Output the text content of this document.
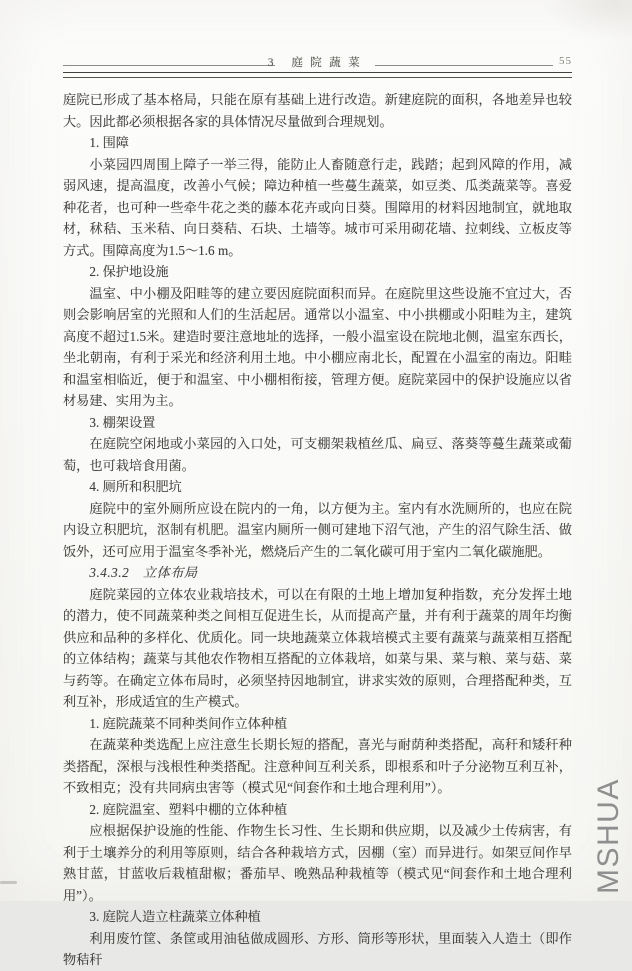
3 庭院蔬菜	55

庭院已形成了基本格局，只能在原有基础上进行改造。新建庭院的面积，各地差异也较大。因此都必须根据各家的具体情况尽量做到合理规划。

1. 围障

小菜园四周围上障子一举三得，能防止人畜随意行走，践踏；起到风障的作用，减弱风速，提高温度，改善小气候；障边种植一些蔓生蔬菜，如豆类、瓜类蔬菜等。喜爱种花者，也可种一些牵牛花之类的藤本花卉或向日葵。围障用的材料因地制宜，就地取材，秫秸、玉米秸、向日葵秸、石块、土墙等。城市可采用砌花墙、拉刺线、立板皮等方式。围障高度为1.5～1.6 m。

2. 保护地设施

温室、中小棚及阳畦等的建立要因庭院面积而异。在庭院里这些设施不宜过大，否则会影响居室的光照和人们的生活起居。通常以小温室、中小拱棚或小阳畦为主，建筑高度不超过1.5米。建造时要注意地址的选择，一般小温室设在院地北侧，温室东西长，坐北朝南，有利于采光和经济利用土地。中小棚应南北长，配置在小温室的南边。阳畦和温室相临近，便于和温室、中小棚相衔接，管理方便。庭院菜园中的保护设施应以省材易建、实用为主。

3. 棚架设置

在庭院空闲地或小菜园的入口处，可支棚架栽植丝瓜、扁豆、落葵等蔓生蔬菜或葡萄，也可栽培食用菌。

4. 厕所和积肥坑

庭院中的室外厕所应设在院内的一角，以方便为主。室内有水洗厕所的，也应在院内设立积肥坑，沤制有机肥。温室内厕所一侧可建地下沼气池，产生的沼气除生活、做饭外，还可应用于温室冬季补光，燃烧后产生的二氧化碳可用于室内二氧化碳施肥。

3.4.3.2　立体布局

庭院菜园的立体农业栽培技术，可以在有限的土地上增加复种指数，充分发挥土地的潜力，使不同蔬菜种类之间相互促进生长，从而提高产量，并有利于蔬菜的周年均衡供应和品种的多样化、优质化。同一块地蔬菜立体栽培模式主要有蔬菜与蔬菜相互搭配的立体结构；蔬菜与其他农作物相互搭配的立体栽培，如菜与果、菜与粮、菜与菇、菜与药等。在确定立体布局时，必须坚持因地制宜，讲求实效的原则，合理搭配种类，互利互补，形成适宜的生产模式。

1. 庭院蔬菜不同种类间作立体种植

在蔬菜种类选配上应注意生长期长短的搭配，喜光与耐荫种类搭配，高秆和矮秆种类搭配，深根与浅根性种类搭配。注意种间互利关系，即根系和叶子分泌物互利互补，不致相克；没有共同病虫害等（模式见“间套作和土地合理利用”）。

2. 庭院温室、塑料中棚的立体种植

应根据保护设施的性能、作物生长习性、生长期和供应期，以及减少土传病害，有利于土壤养分的利用等原则，结合各种栽培方式，因棚（室）而异进行。如架豆间作早熟甘蓝，甘蓝收后栽植甜椒；番茄早、晚熟品种栽植等（模式见“间套作和土地合理利用”）。

3. 庭院人造立柱蔬菜立体种植

利用废竹筐、条筐或用油毡做成圆形、方形、筒形等形状，里面装入人造土（即作物秸秆

MSHUA
